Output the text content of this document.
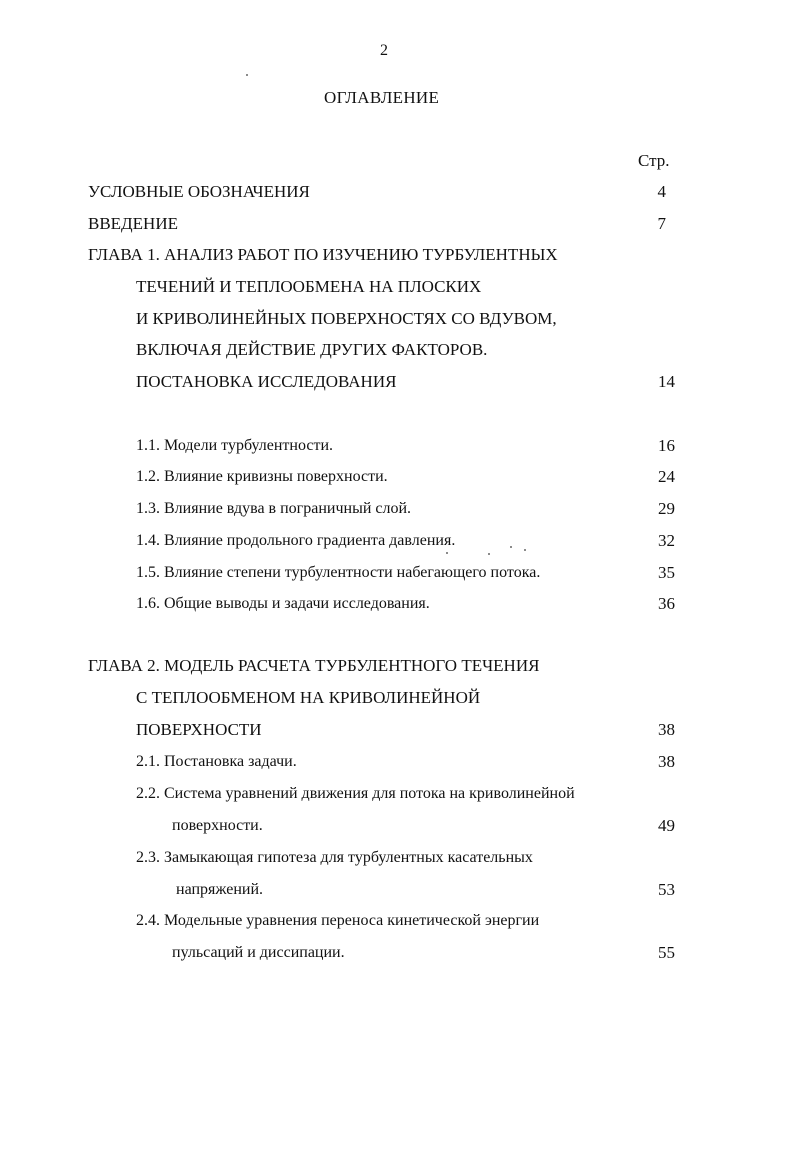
2
ОГЛАВЛЕНИЕ
Стр.
УСЛОВНЫЕ ОБОЗНАЧЕНИЯ	4
ВВЕДЕНИЕ	7
ГЛАВА 1. АНАЛИЗ РАБОТ ПО ИЗУЧЕНИЮ ТУРБУЛЕНТНЫХ
ТЕЧЕНИЙ И ТЕПЛООБМЕНА НА ПЛОСКИХ
И КРИВОЛИНЕЙНЫХ ПОВЕРХНОСТЯХ СО ВДУВОМ,
ВКЛЮЧАЯ ДЕЙСТВИЕ ДРУГИХ ФАКТОРОВ.
ПОСТАНОВКА ИССЛЕДОВАНИЯ	14
1.1. Модели турбулентности.	16
1.2. Влияние кривизны поверхности.	24
1.3. Влияние вдува в пограничный слой.	29
1.4. Влияние продольного градиента давления.	32
1.5. Влияние степени турбулентности набегающего потока.	35
1.6. Общие выводы и задачи исследования.	36
ГЛАВА 2. МОДЕЛЬ РАСЧЕТА ТУРБУЛЕНТНОГО ТЕЧЕНИЯ
С ТЕПЛООБМЕНОМ НА КРИВОЛИНЕЙНОЙ
ПОВЕРХНОСТИ	38
2.1. Постановка задачи.	38
2.2. Система уравнений движения для потока на криволинейной
поверхности.	49
2.3. Замыкающая гипотеза для турбулентных касательных
напряжений.	53
2.4. Модельные уравнения переноса кинетической энергии
пульсаций и диссипации.	55
